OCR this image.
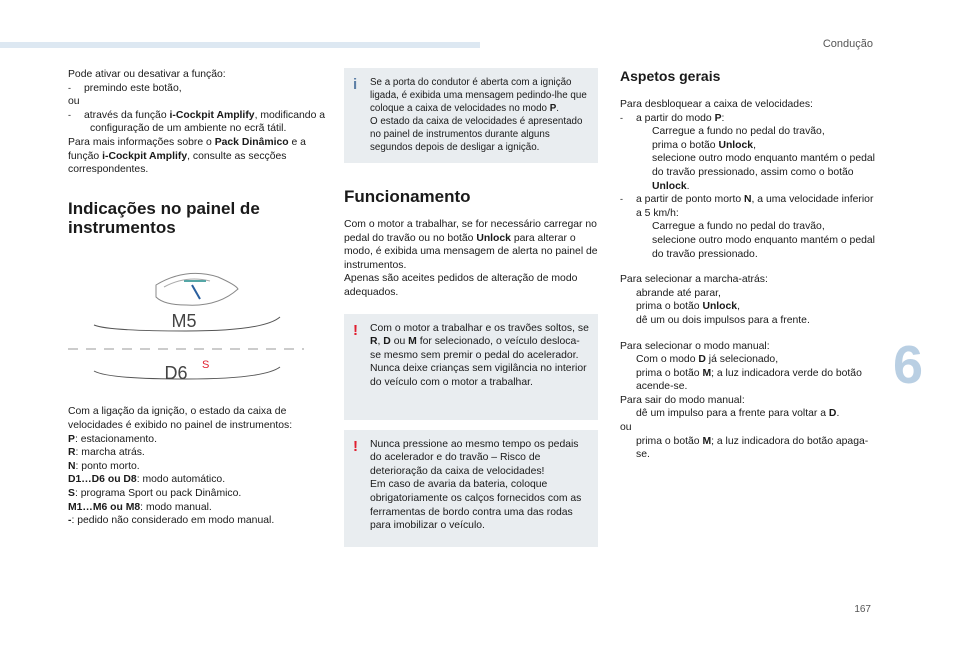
Condução
6
167

Pode ativar ou desativar a função:

- premindo este botão,

ou

- através da função i-Cockpit Amplify, modificando a configuração de um ambiente no ecrã tátil.

Para mais informações sobre o Pack Dinâmico e a função i-Cockpit Amplify, consulte as secções correspondentes.

Indicações no painel de instrumentos
M5
D6 S

Com a ligação da ignição, o estado da caixa de velocidades é exibido no painel de instrumentos:

P: estacionamento.

R: marcha atrás.

N: ponto morto.

D1…D6 ou D8: modo automático.

S: programa Sport ou pack Dinâmico.

M1…M6 ou M8: modo manual.

-: pedido não considerado em modo manual.

i Se a porta do condutor é aberta com a ignição ligada, é exibida uma mensagem pedindo-lhe que coloque a caixa de velocidades no modo P.

O estado da caixa de velocidades é apresentado no painel de instrumentos durante alguns segundos depois de desligar a ignição.

Funcionamento

Com o motor a trabalhar, se for necessário carregar no pedal do travão ou no botão Unlock para alterar o modo, é exibida uma mensagem de alerta no painel de instrumentos.

Apenas são aceites pedidos de alteração de modo adequados.

! Com o motor a trabalhar e os travões soltos, se R, D ou M for selecionado, o veículo desloca-se mesmo sem premir o pedal do acelerador.

Nunca deixe crianças sem vigilância no interior do veículo com o motor a trabalhar.

! Nunca pressione ao mesmo tempo os pedais do acelerador e do travão – Risco de deterioração da caixa de velocidades!

Em caso de avaria da bateria, coloque obrigatoriamente os calços fornecidos com as ferramentas de bordo contra uma das rodas para imobilizar o veículo.

Aspetos gerais

Para desbloquear a caixa de velocidades:

- a partir do modo P:

Carregue a fundo no pedal do travão,

prima o botão Unlock,

selecione outro modo enquanto mantém o pedal do travão pressionado, assim como o botão Unlock.

- a partir de ponto morto N, a uma velocidade inferior a 5 km/h:

Carregue a fundo no pedal do travão,

selecione outro modo enquanto mantém o pedal do travão pressionado.

Para selecionar a marcha-atrás:

abrande até parar,

prima o botão Unlock,

dê um ou dois impulsos para a frente.

Para selecionar o modo manual:

Com o modo D já selecionado,

prima o botão M; a luz indicadora verde do botão acende-se.

Para sair do modo manual:

dê um impulso para a frente para voltar a D.

ou

prima o botão M; a luz indicadora do botão apaga-se.
